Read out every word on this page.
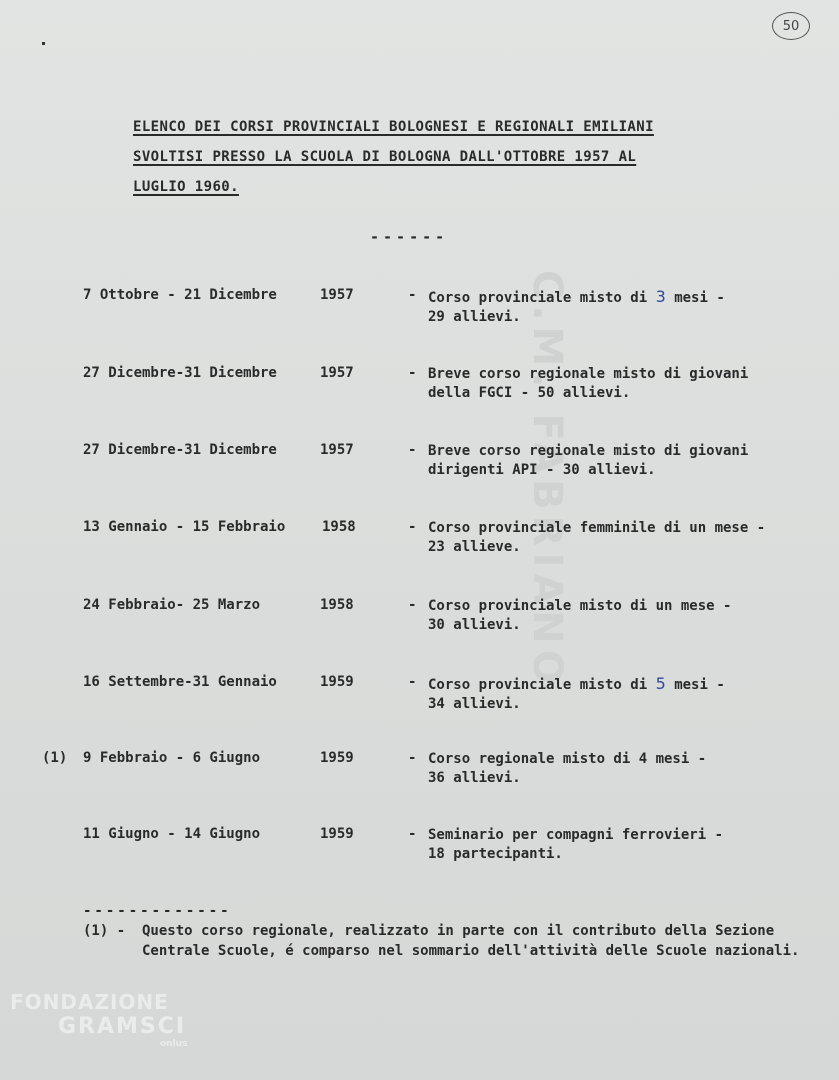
C.M. FABRIANO
50
ELENCO DEI CORSI PROVINCIALI BOLOGNESI E REGIONALI EMILIANI
SVOLTISI PRESSO LA SCUOLA DI BOLOGNA DALL'OTTOBRE 1957 AL
LUGLIO 1960.
------
7 Ottobre - 21 Dicembre	1957	- Corso provinciale misto di 3 mesi -
29 allievi.
27 Dicembre-31 Dicembre	1957	- Breve corso regionale misto di giovani
della FGCI - 50 allievi.
27 Dicembre-31 Dicembre	1957	- Breve corso regionale misto di giovani
dirigenti API - 30 allievi.
13 Gennaio - 15 Febbraio	1958	- Corso provinciale femminile di un mese -
23 allieve.
24 Febbraio- 25 Marzo	1958	- Corso provinciale misto di un mese -
30 allievi.
16 Settembre-31 Gennaio	1959	- Corso provinciale misto di 5 mesi -
34 allievi.
(1) 9 Febbraio - 6 Giugno	1959	- Corso regionale misto di 4 mesi -
36 allievi.
11 Giugno - 14 Giugno	1959	- Seminario per compagni ferrovieri -
18 partecipanti.
-------------
(1) - Questo corso regionale, realizzato in parte con il contributo della Sezione Centrale Scuole, é comparso nel sommario dell'attività delle Scuole nazionali.
FONDAZIONE
GRAMSCI
onlus
